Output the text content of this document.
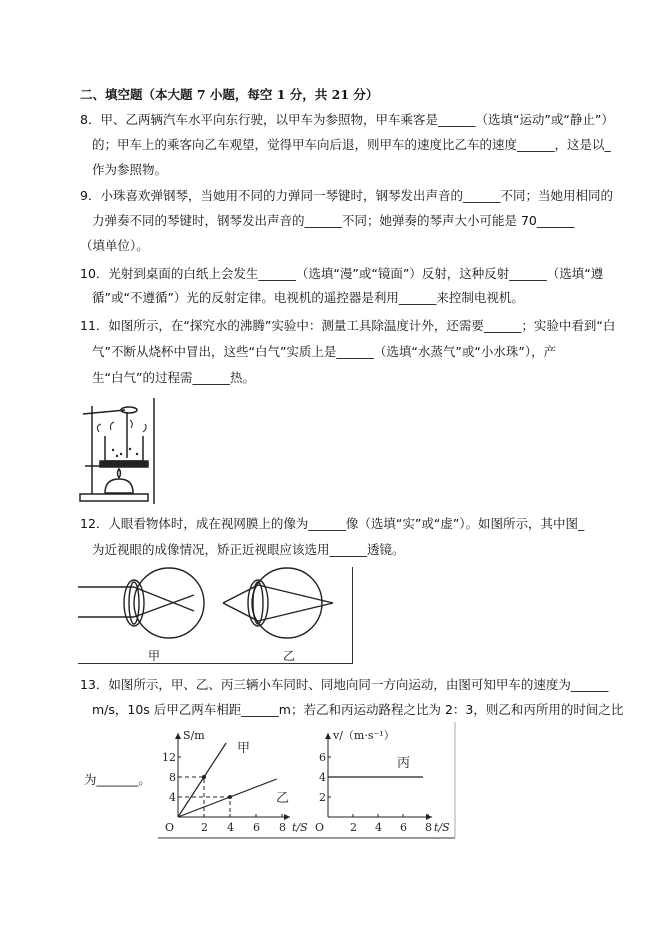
二、填空题（本大题 7 小题，每空 1 分，共 21 分）
8．甲、乙两辆汽车水平向东行驶，以甲车为参照物，甲车乘客是______（选填“运动”或“静止”）
的；甲车上的乘客向乙车观望，觉得甲车向后退，则甲车的速度比乙车的速度______，这是以_
作为参照物。
9．小珠喜欢弹钢琴，当她用不同的力弹同一琴键时，钢琴发出声音的______不同；当她用相同的
力弹奏不同的琴键时，钢琴发出声音的______不同；她弹奏的琴声大小可能是 70______
（填单位）。
10．光射到桌面的白纸上会发生______（选填“漫”或“镜面”）反射，这种反射______（选填“遵
循”或“不遵循”）光的反射定律。电视机的遥控器是利用______来控制电视机。
11．如图所示，在“探究水的沸腾”实验中：测量工具除温度计外，还需要______；实验中看到“白
气”不断从烧杯中冒出，这些“白气”实质上是______（选填“水蒸气”或“小水珠”），产
生“白气”的过程需______热。
12．人眼看物体时，成在视网膜上的像为______像（选填“实”或“虚”）。如图所示，其中图_
为近视眼的成像情况，矫正近视眼应该选用______透镜。
甲	乙
13．如图所示，甲、乙、丙三辆小车同时、同地向同一方向运动，由图可知甲车的速度为______
m/s，10s 后甲乙两车相距______m；若乙和丙运动路程之比为 2：3，则乙和丙所用的时间之比
为______。
O	t/S
S/m
2 4 6 8
4
8
12
甲
乙
O	t/S
v/（m·s⁻¹）
2 4 6 8
2
4
6	丙
